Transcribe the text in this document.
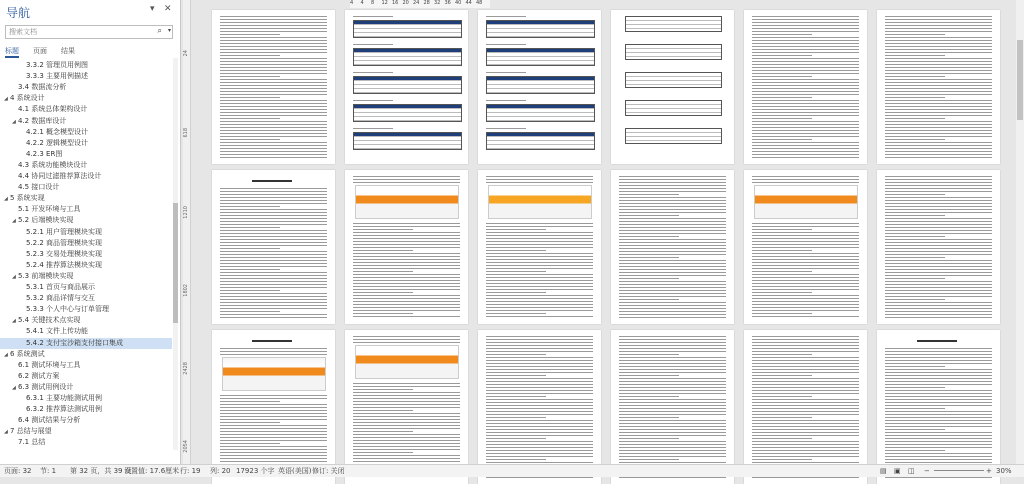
导航	▾ ✕
搜索文档	⌕ ▾
标题 页面 结果
3.3.2 管理员用例图
3.3.3 主要用例描述
3.4 数据流分析
◢ 4 系统设计
4.1 系统总体架构设计
◢ 4.2 数据库设计
4.2.1 概念模型设计
4.2.2 逻辑模型设计
4.2.3 ER图
4.3 系统功能模块设计
4.4 协同过滤推荐算法设计
4.5 接口设计
◢ 5 系统实现
5.1 开发环境与工具
◢ 5.2 后端模块实现
5.2.1 用户管理模块实现
5.2.2 商品管理模块实现
5.2.3 交易处理模块实现
5.2.4 推荐算法模块实现
◢ 5.3 前端模块实现
5.3.1 首页与商品展示
5.3.2 商品详情与交互
5.3.3 个人中心与订单管理
◢ 5.4 关键技术点实现
5.4.1 文件上传功能
5.4.2 支付宝沙箱支付接口集成
◢ 6 系统测试
6.1 测试环境与工具
6.2 测试方案
◢ 6.3 测试用例设计
6.3.1 主要功能测试用例
6.3.2 推荐算法测试用例
6.4 测试结果与分析
◢ 7 总结与展望
7.1 总结	2054
2428
1802
1210
618
24
4 4 8 12 16 20 24 28 32 36 40 44 48
页面: 32 节: 1 第 32 页，共 39 页
设置值: 17.6厘米 行: 19 列: 20 17923 个字 英语(美国) 修订: 关闭	▤ ▣ ◫ −	+ 30%
